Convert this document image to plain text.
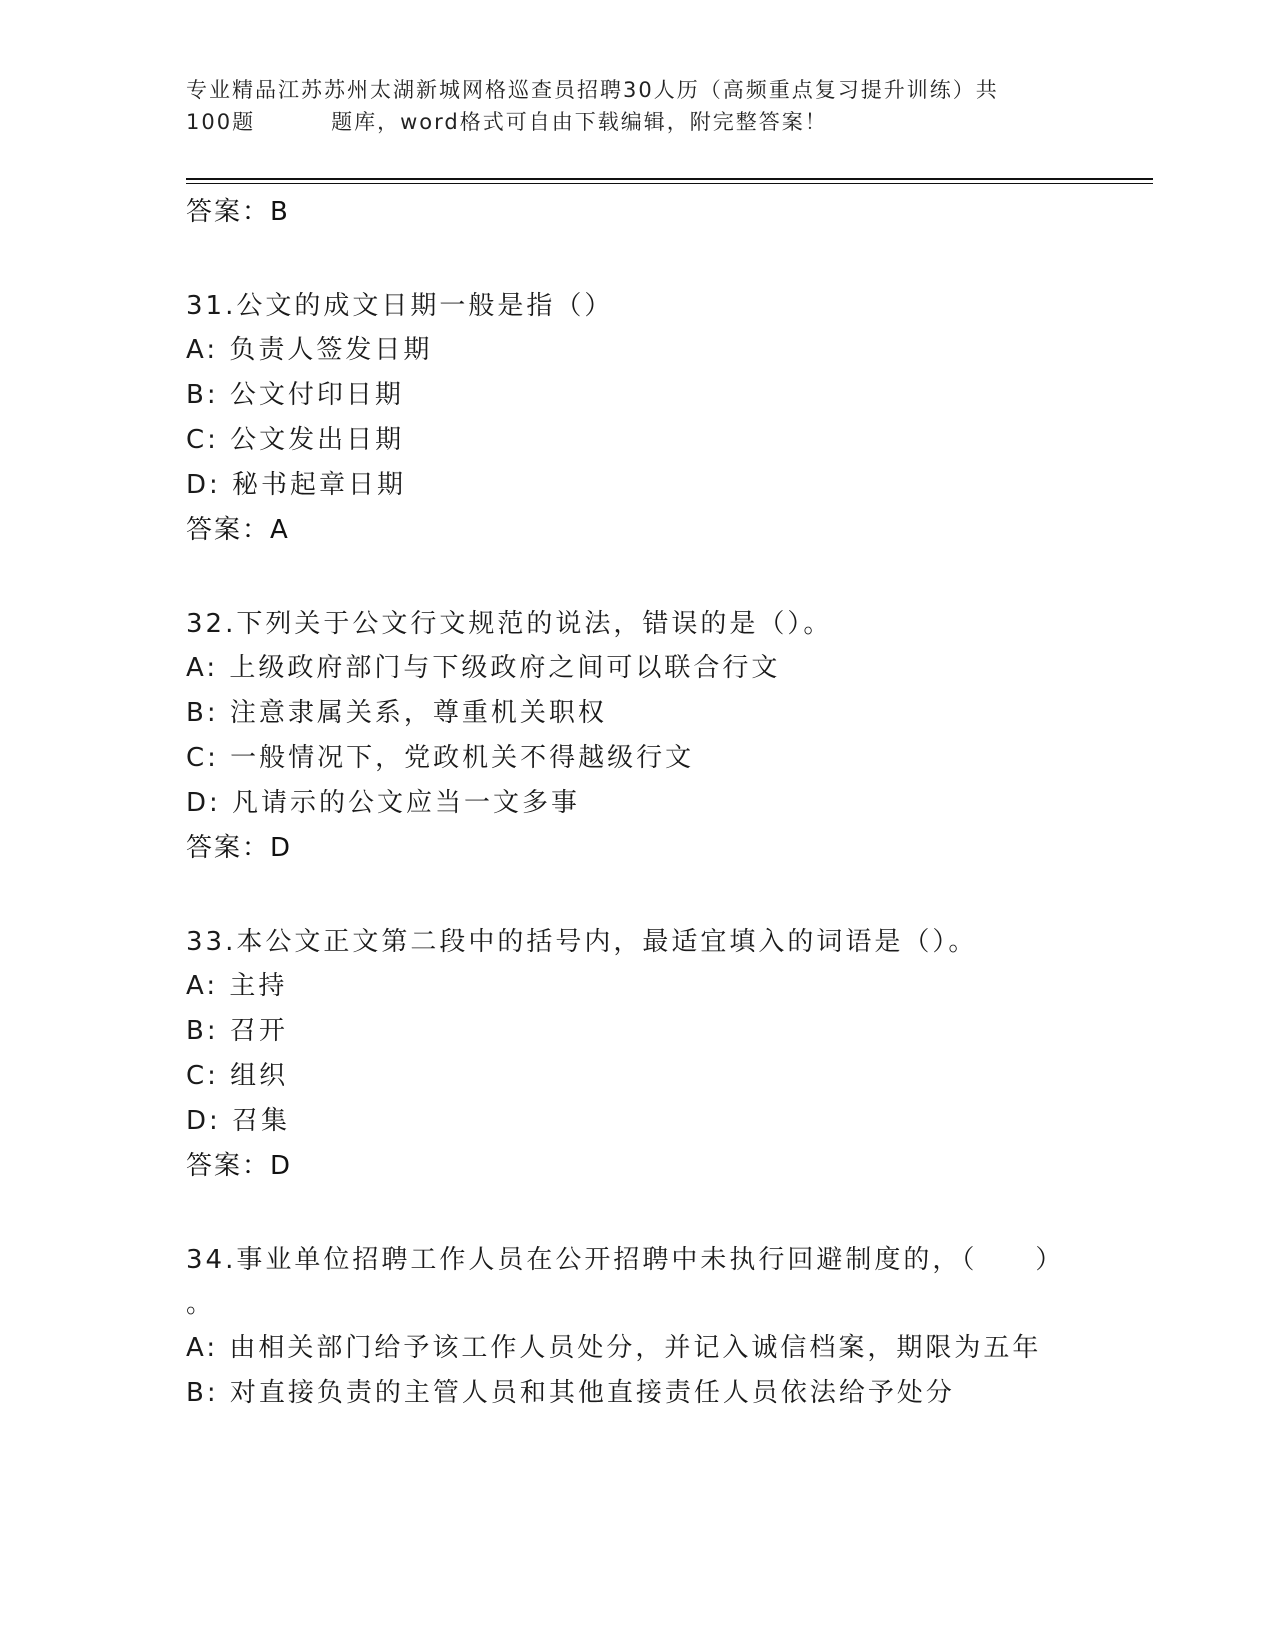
专业精品江苏苏州太湖新城网格巡查员招聘30人历（高频重点复习提升训练）共
100题	题库，word格式可自由下载编辑，附完整答案！
答案：B
31.公文的成文日期一般是指（）
A: 负责人签发日期
B: 公文付印日期
C: 公文发出日期
D: 秘书起章日期
答案：A
32.下列关于公文行文规范的说法，错误的是（）。
A: 上级政府部门与下级政府之间可以联合行文
B: 注意隶属关系，尊重机关职权
C: 一般情况下，党政机关不得越级行文
D: 凡请示的公文应当一文多事
答案：D
33.本公文正文第二段中的括号内，最适宜填入的词语是（）。
A: 主持
B: 召开
C: 组织
D: 召集
答案：D
34.事业单位招聘工作人员在公开招聘中未执行回避制度的，（　　）
。
A: 由相关部门给予该工作人员处分，并记入诚信档案，期限为五年
B: 对直接负责的主管人员和其他直接责任人员依法给予处分
